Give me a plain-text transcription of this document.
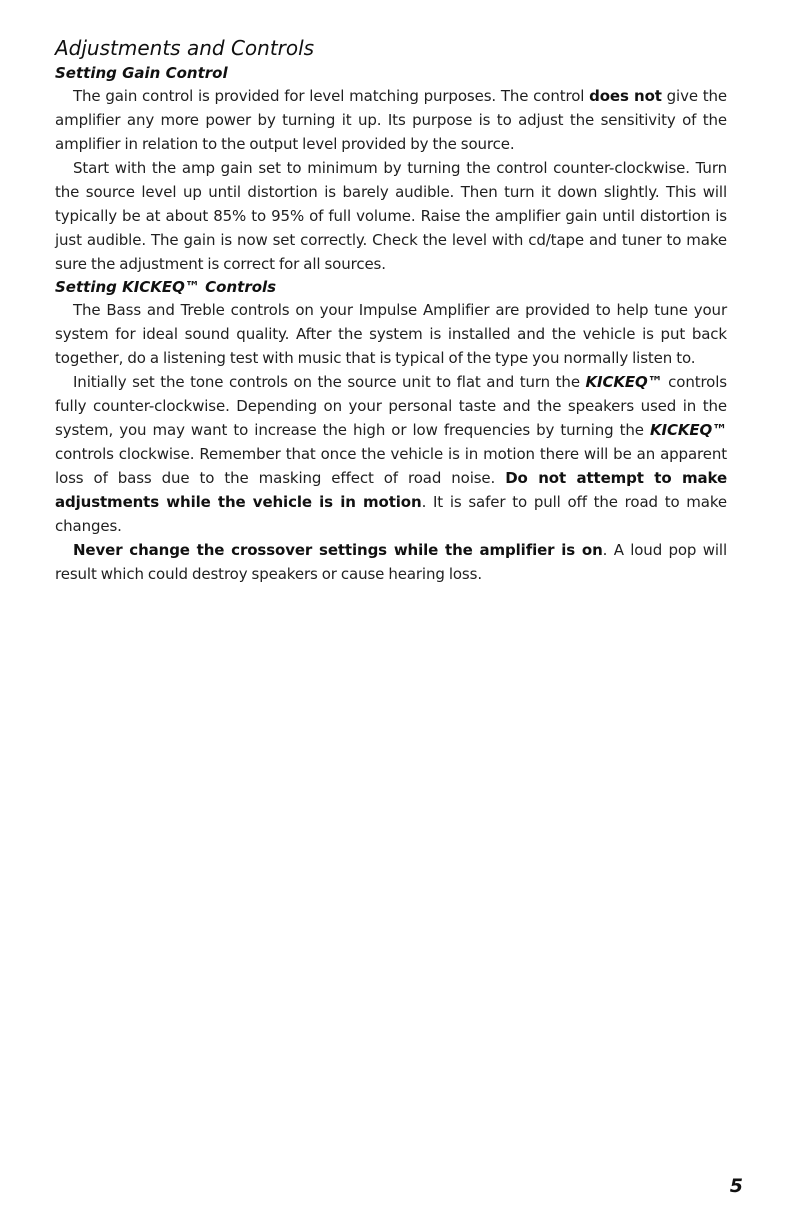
Adjustments and Controls
Setting Gain Control

The gain control is provided for level matching purposes. The control does not give the amplifier any more power by turning it up. Its purpose is to adjust the sensitivity of the amplifier in relation to the output level provided by the source.

Start with the amp gain set to minimum by turning the control counter-clockwise. Turn the source level up until distortion is barely audible. Then turn it down slightly. This will typically be at about 85% to 95% of full volume. Raise the amplifier gain until distortion is just audible. The gain is now set correctly. Check the level with cd/tape and tuner to make sure the adjustment is correct for all sources.

Setting KICKEQ™ Controls

The Bass and Treble controls on your Impulse Amplifier are provided to help tune your system for ideal sound quality. After the system is installed and the vehicle is put back together, do a listening test with music that is typical of the type you normally listen to.

Initially set the tone controls on the source unit to flat and turn the KICKEQ™ controls fully counter-clockwise. Depending on your personal taste and the speakers used in the system, you may want to increase the high or low frequencies by turning the KICKEQ™ controls clockwise. Remember that once the vehicle is in motion there will be an apparent loss of bass due to the masking effect of road noise. Do not attempt to make adjustments while the vehicle is in motion. It is safer to pull off the road to make changes.

Never change the crossover settings while the amplifier is on. A loud pop will result which could destroy speakers or cause hearing loss.

5
